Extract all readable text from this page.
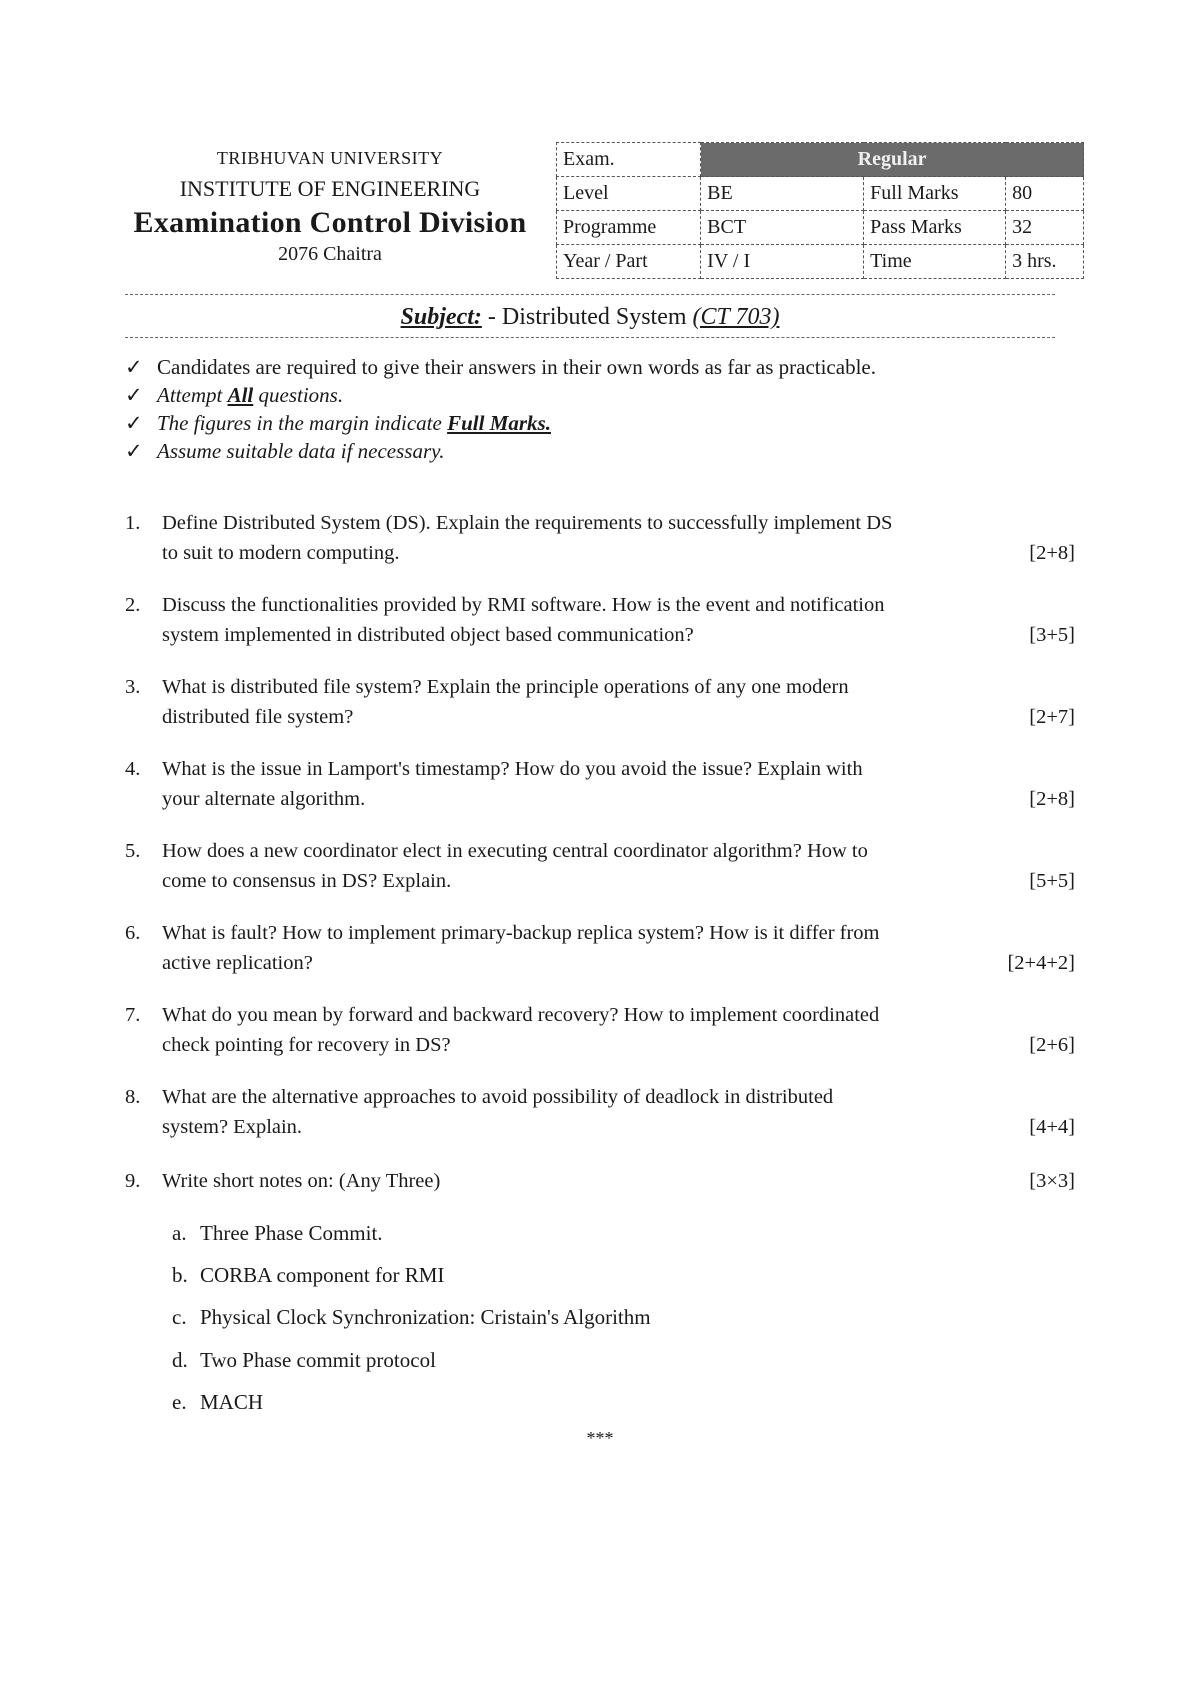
TRIBHUVAN UNIVERSITY
INSTITUTE OF ENGINEERING
Examination Control Division
2076 Chaitra
Exam.	Regular		
Level	BE	Full Marks	80
Programme	BCT	Pass Marks	32
Year / Part	IV / I	Time	3 hrs.
Subject: - Distributed System (CT 703)
✓ Candidates are required to give their answers in their own words as far as practicable.
✓ Attempt All questions.
✓ The figures in the margin indicate Full Marks.
✓ Assume suitable data if necessary.
1.	Define Distributed System (DS). Explain the requirements to successfully implement DS
to suit to modern computing.	[2+8]
2.	Discuss the functionalities provided by RMI software. How is the event and notification
system implemented in distributed object based communication?	[3+5]
3.	What is distributed file system? Explain the principle operations of any one modern
distributed file system?	[2+7]
4.	What is the issue in Lamport's timestamp? How do you avoid the issue? Explain with
your alternate algorithm.	[2+8]
5.	How does a new coordinator elect in executing central coordinator algorithm? How to
come to consensus in DS? Explain.	[5+5]
6.	What is fault? How to implement primary-backup replica system? How is it differ from
active replication?	[2+4+2]
7.	What do you mean by forward and backward recovery? How to implement coordinated
check pointing for recovery in DS?	[2+6]
8.	What are the alternative approaches to avoid possibility of deadlock in distributed
system? Explain.	[4+4]
9.	Write short notes on: (Any Three)	[3×3]
a. Three Phase Commit.
b. CORBA component for RMI
c. Physical Clock Synchronization: Cristain's Algorithm
d. Two Phase commit protocol
e. MACH
***
